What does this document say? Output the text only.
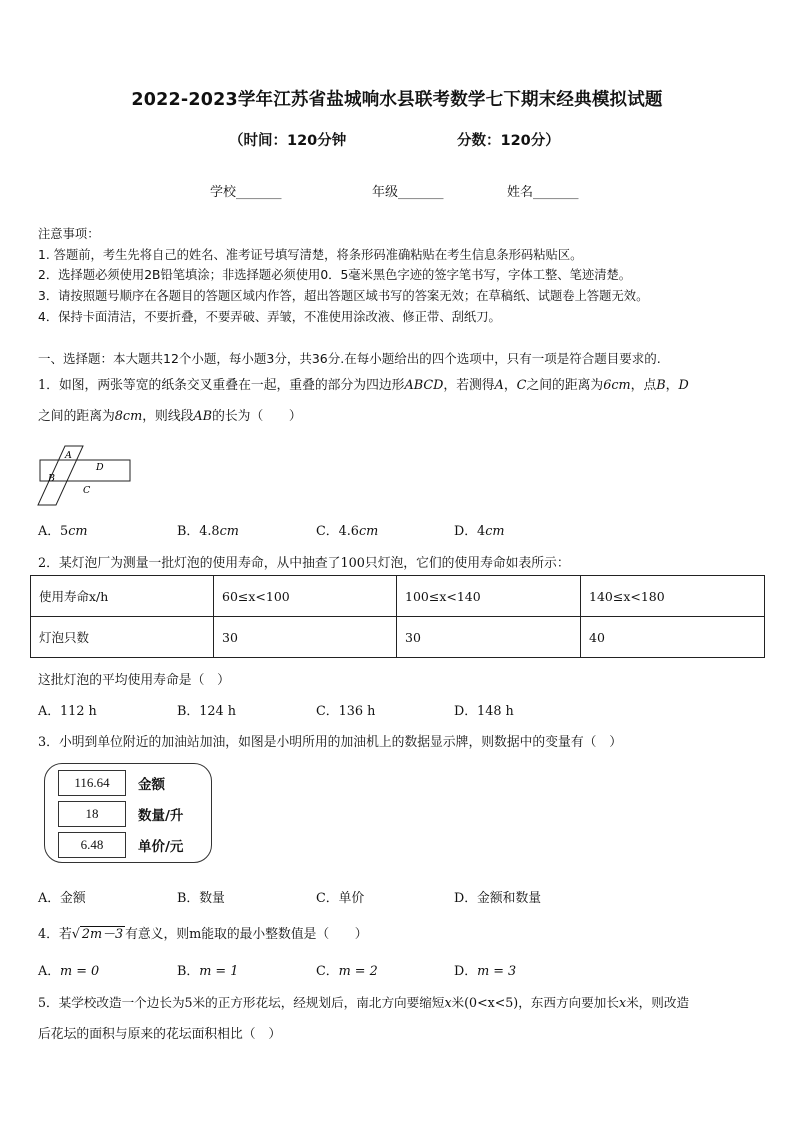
2022-2023学年江苏省盐城响水县联考数学七下期末经典模拟试题
（时间：120分钟	分数：120分）
学校_______	年级_______	姓名_______
注意事项：
1. 答题前，考生先将自己的姓名、准考证号填写清楚，将条形码准确粘贴在考生信息条形码粘贴区。
2．选择题必须使用2B铅笔填涂；非选择题必须使用0．5毫米黑色字迹的签字笔书写，字体工整、笔迹清楚。
3．请按照题号顺序在各题目的答题区域内作答，超出答题区域书写的答案无效；在草稿纸、试题卷上答题无效。
4．保持卡面清洁，不要折叠，不要弄破、弄皱，不准使用涂改液、修正带、刮纸刀。
一、选择题：本大题共12个小题，每小题3分，共36分.在每小题给出的四个选项中，只有一项是符合题目要求的.
1．如图，两张等宽的纸条交叉重叠在一起，重叠的部分为四边形ABCD，若测得A，C之间的距离为6cm，点B，D
之间的距离为8cm，则线段AB的长为（　　）
A
B
C
D
A．5cm	B．4.8cm	C．4.6cm	D．4cm
2．某灯泡厂为测量一批灯泡的使用寿命，从中抽查了100只灯泡，它们的使用寿命如表所示：
使用寿命x/h	60≤x<100	100≤x<140	140≤x<180
灯泡只数	30	30	40
这批灯泡的平均使用寿命是（　）
A．112 h	B．124 h	C．136 h	D．148 h
3．小明到单位附近的加油站加油，如图是小明所用的加油机上的数据显示牌，则数据中的变量有（　）
116.64	金额
18	数量/升
6.48	单价/元
A．金额	B．数量	C．单价	D．金额和数量
4．若√ 2m－3 有意义，则m能取的最小整数值是（　　）
A．m = 0	B．m = 1	C．m = 2	D．m = 3
5．某学校改造一个边长为5米的正方形花坛，经规划后，南北方向要缩短x米(0<x<5)，东西方向要加长x米，则改造
后花坛的面积与原来的花坛面积相比（　）
